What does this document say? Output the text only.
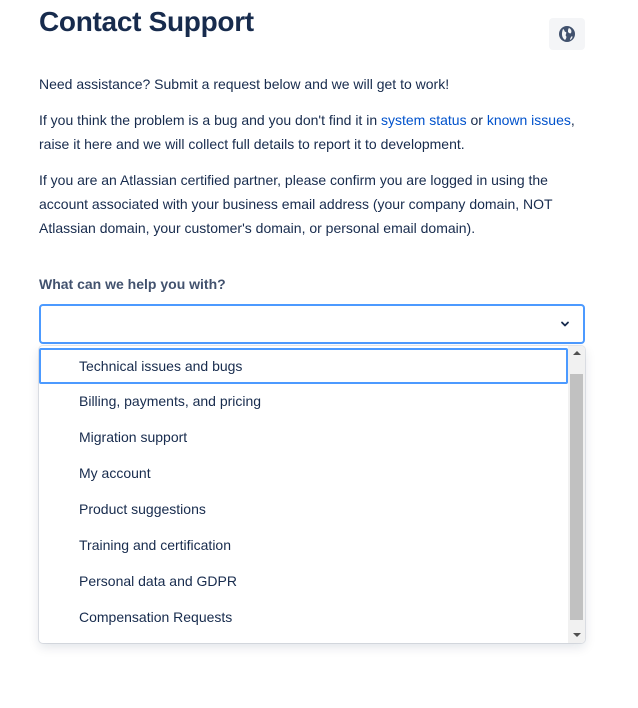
Contact Support

Need assistance? Submit a request below and we will get to work!

If you think the problem is a bug and you don't find it in system status or known issues, raise it here and we will collect full details to report it to development.

If you are an Atlassian certified partner, please confirm you are logged in using the account associated with your business email address (your company domain, NOT Atlassian domain, your customer's domain, or personal email domain).

What can we help you with?
Technical issues and bugs
Billing, payments, and pricing
Migration support
My account
Product suggestions
Training and certification
Personal data and GDPR
Compensation Requests
